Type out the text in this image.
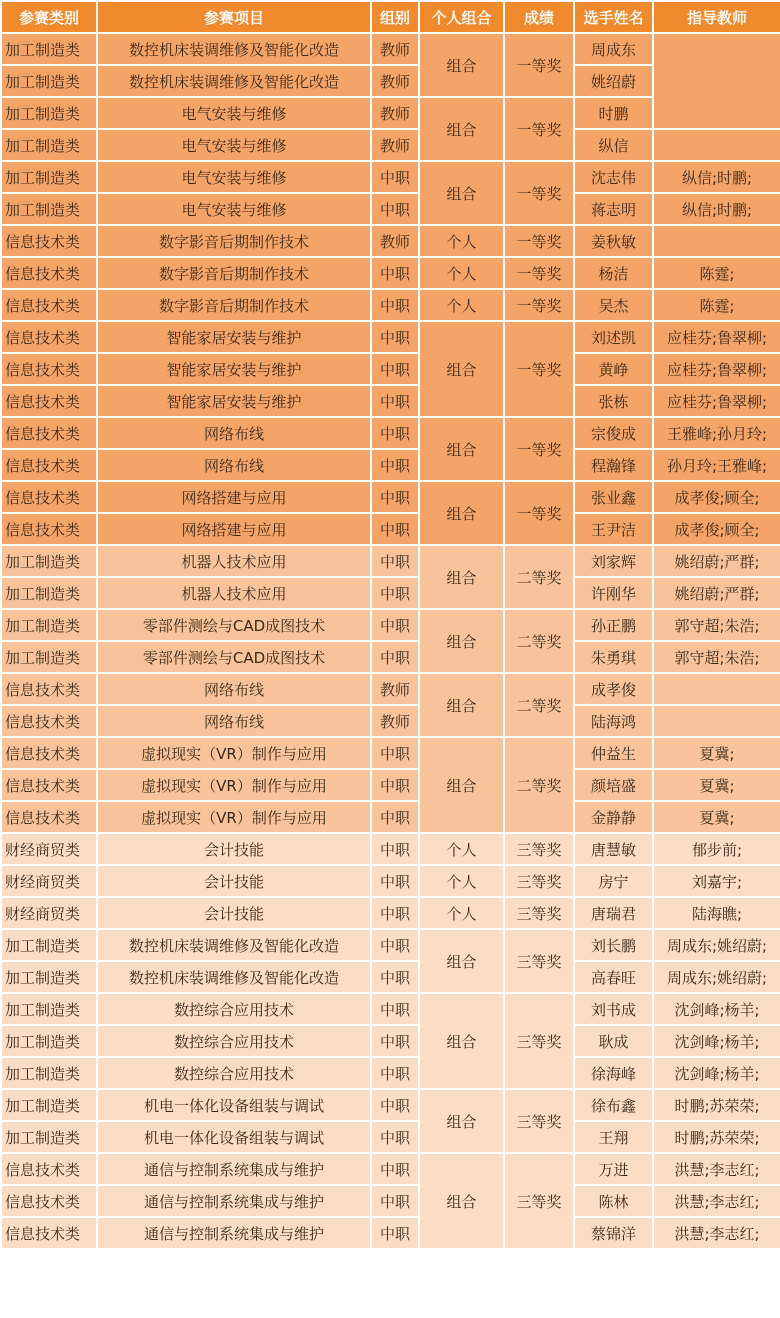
参赛类别	参赛项目	组别	个人组合	成绩	选手姓名	指导教师
加工制造类	数控机床装调维修及智能化改造	教师	组合	一等奖	周成东	
加工制造类	数控机床装调维修及智能化改造	教师			姚绍蔚	
加工制造类	电气安装与维修	教师	组合	一等奖	时鹏	
加工制造类	电气安装与维修	教师			纵信	
加工制造类	电气安装与维修	中职	组合	一等奖	沈志伟	纵信;时鹏;
加工制造类	电气安装与维修	中职			蒋志明	纵信;时鹏;
信息技术类	数字影音后期制作技术	教师	个人	一等奖	姜秋敏	
信息技术类	数字影音后期制作技术	中职	个人	一等奖	杨洁	陈霆;
信息技术类	数字影音后期制作技术	中职	个人	一等奖	吴杰	陈霆;
信息技术类	智能家居安装与维护	中职	组合	一等奖	刘述凯	应桂芬;鲁翠柳;
信息技术类	智能家居安装与维护	中职			黄峥	应桂芬;鲁翠柳;
信息技术类	智能家居安装与维护	中职			张栋	应桂芬;鲁翠柳;
信息技术类	网络布线	中职	组合	一等奖	宗俊成	王雅峰;孙月玲;
信息技术类	网络布线	中职			程瀚锋	孙月玲;王雅峰;
信息技术类	网络搭建与应用	中职	组合	一等奖	张业鑫	成孝俊;顾全;
信息技术类	网络搭建与应用	中职			王尹洁	成孝俊;顾全;
加工制造类	机器人技术应用	中职	组合	二等奖	刘家辉	姚绍蔚;严群;
加工制造类	机器人技术应用	中职			许刚华	姚绍蔚;严群;
加工制造类	零部件测绘与CAD成图技术	中职	组合	二等奖	孙正鹏	郭守超;朱浩;
加工制造类	零部件测绘与CAD成图技术	中职			朱勇琪	郭守超;朱浩;
信息技术类	网络布线	教师	组合	二等奖	成孝俊	
信息技术类	网络布线	教师			陆海鸿	
信息技术类	虚拟现实（VR）制作与应用	中职	组合	二等奖	仲益生	夏冀;
信息技术类	虚拟现实（VR）制作与应用	中职			颜培盛	夏冀;
信息技术类	虚拟现实（VR）制作与应用	中职			金静静	夏冀;
财经商贸类	会计技能	中职	个人	三等奖	唐慧敏	郁步前;
财经商贸类	会计技能	中职	个人	三等奖	房宁	刘嘉宇;
财经商贸类	会计技能	中职	个人	三等奖	唐瑞君	陆海瞧;
加工制造类	数控机床装调维修及智能化改造	中职	组合	三等奖	刘长鹏	周成东;姚绍蔚;
加工制造类	数控机床装调维修及智能化改造	中职			高春旺	周成东;姚绍蔚;
加工制造类	数控综合应用技术	中职	组合	三等奖	刘书成	沈剑峰;杨羊;
加工制造类	数控综合应用技术	中职			耿成	沈剑峰;杨羊;
加工制造类	数控综合应用技术	中职			徐海峰	沈剑峰;杨羊;
加工制造类	机电一体化设备组装与调试	中职	组合	三等奖	徐布鑫	时鹏;苏荣荣;
加工制造类	机电一体化设备组装与调试	中职			王翔	时鹏;苏荣荣;
信息技术类	通信与控制系统集成与维护	中职	组合	三等奖	万进	洪慧;李志红;
信息技术类	通信与控制系统集成与维护	中职			陈林	洪慧;李志红;
信息技术类	通信与控制系统集成与维护	中职			蔡锦洋	洪慧;李志红;
